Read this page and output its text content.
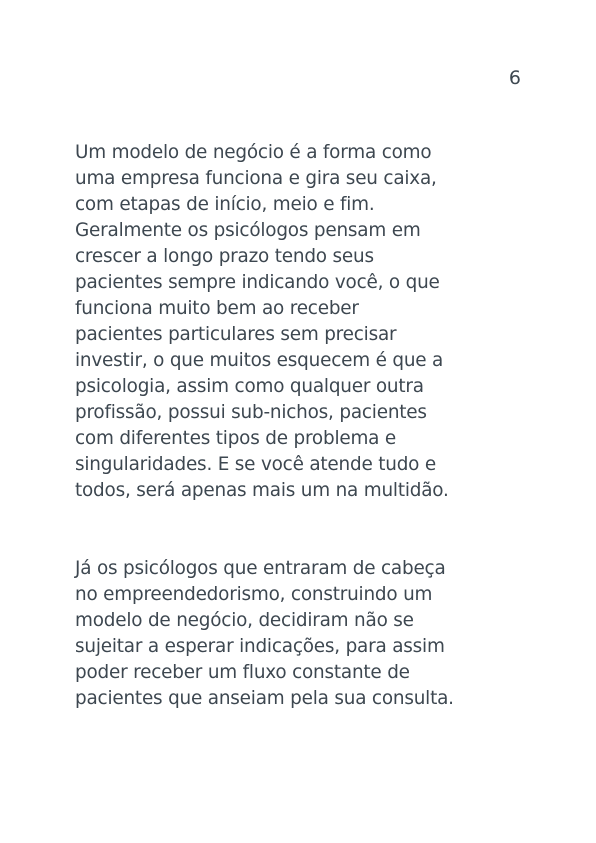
6

Um modelo de negócio é a forma como
uma empresa funciona e gira seu caixa,
com etapas de início, meio e fim.
Geralmente os psicólogos pensam em
crescer a longo prazo tendo seus
pacientes sempre indicando você, o que
funciona muito bem ao receber
pacientes particulares sem precisar
investir, o que muitos esquecem é que a
psicologia, assim como qualquer outra
profissão, possui sub-nichos, pacientes
com diferentes tipos de problema e
singularidades. E se você atende tudo e
todos, será apenas mais um na multidão.

Já os psicólogos que entraram de cabeça
no empreendedorismo, construindo um
modelo de negócio, decidiram não se
sujeitar a esperar indicações, para assim
poder receber um fluxo constante de
pacientes que anseiam pela sua consulta.
